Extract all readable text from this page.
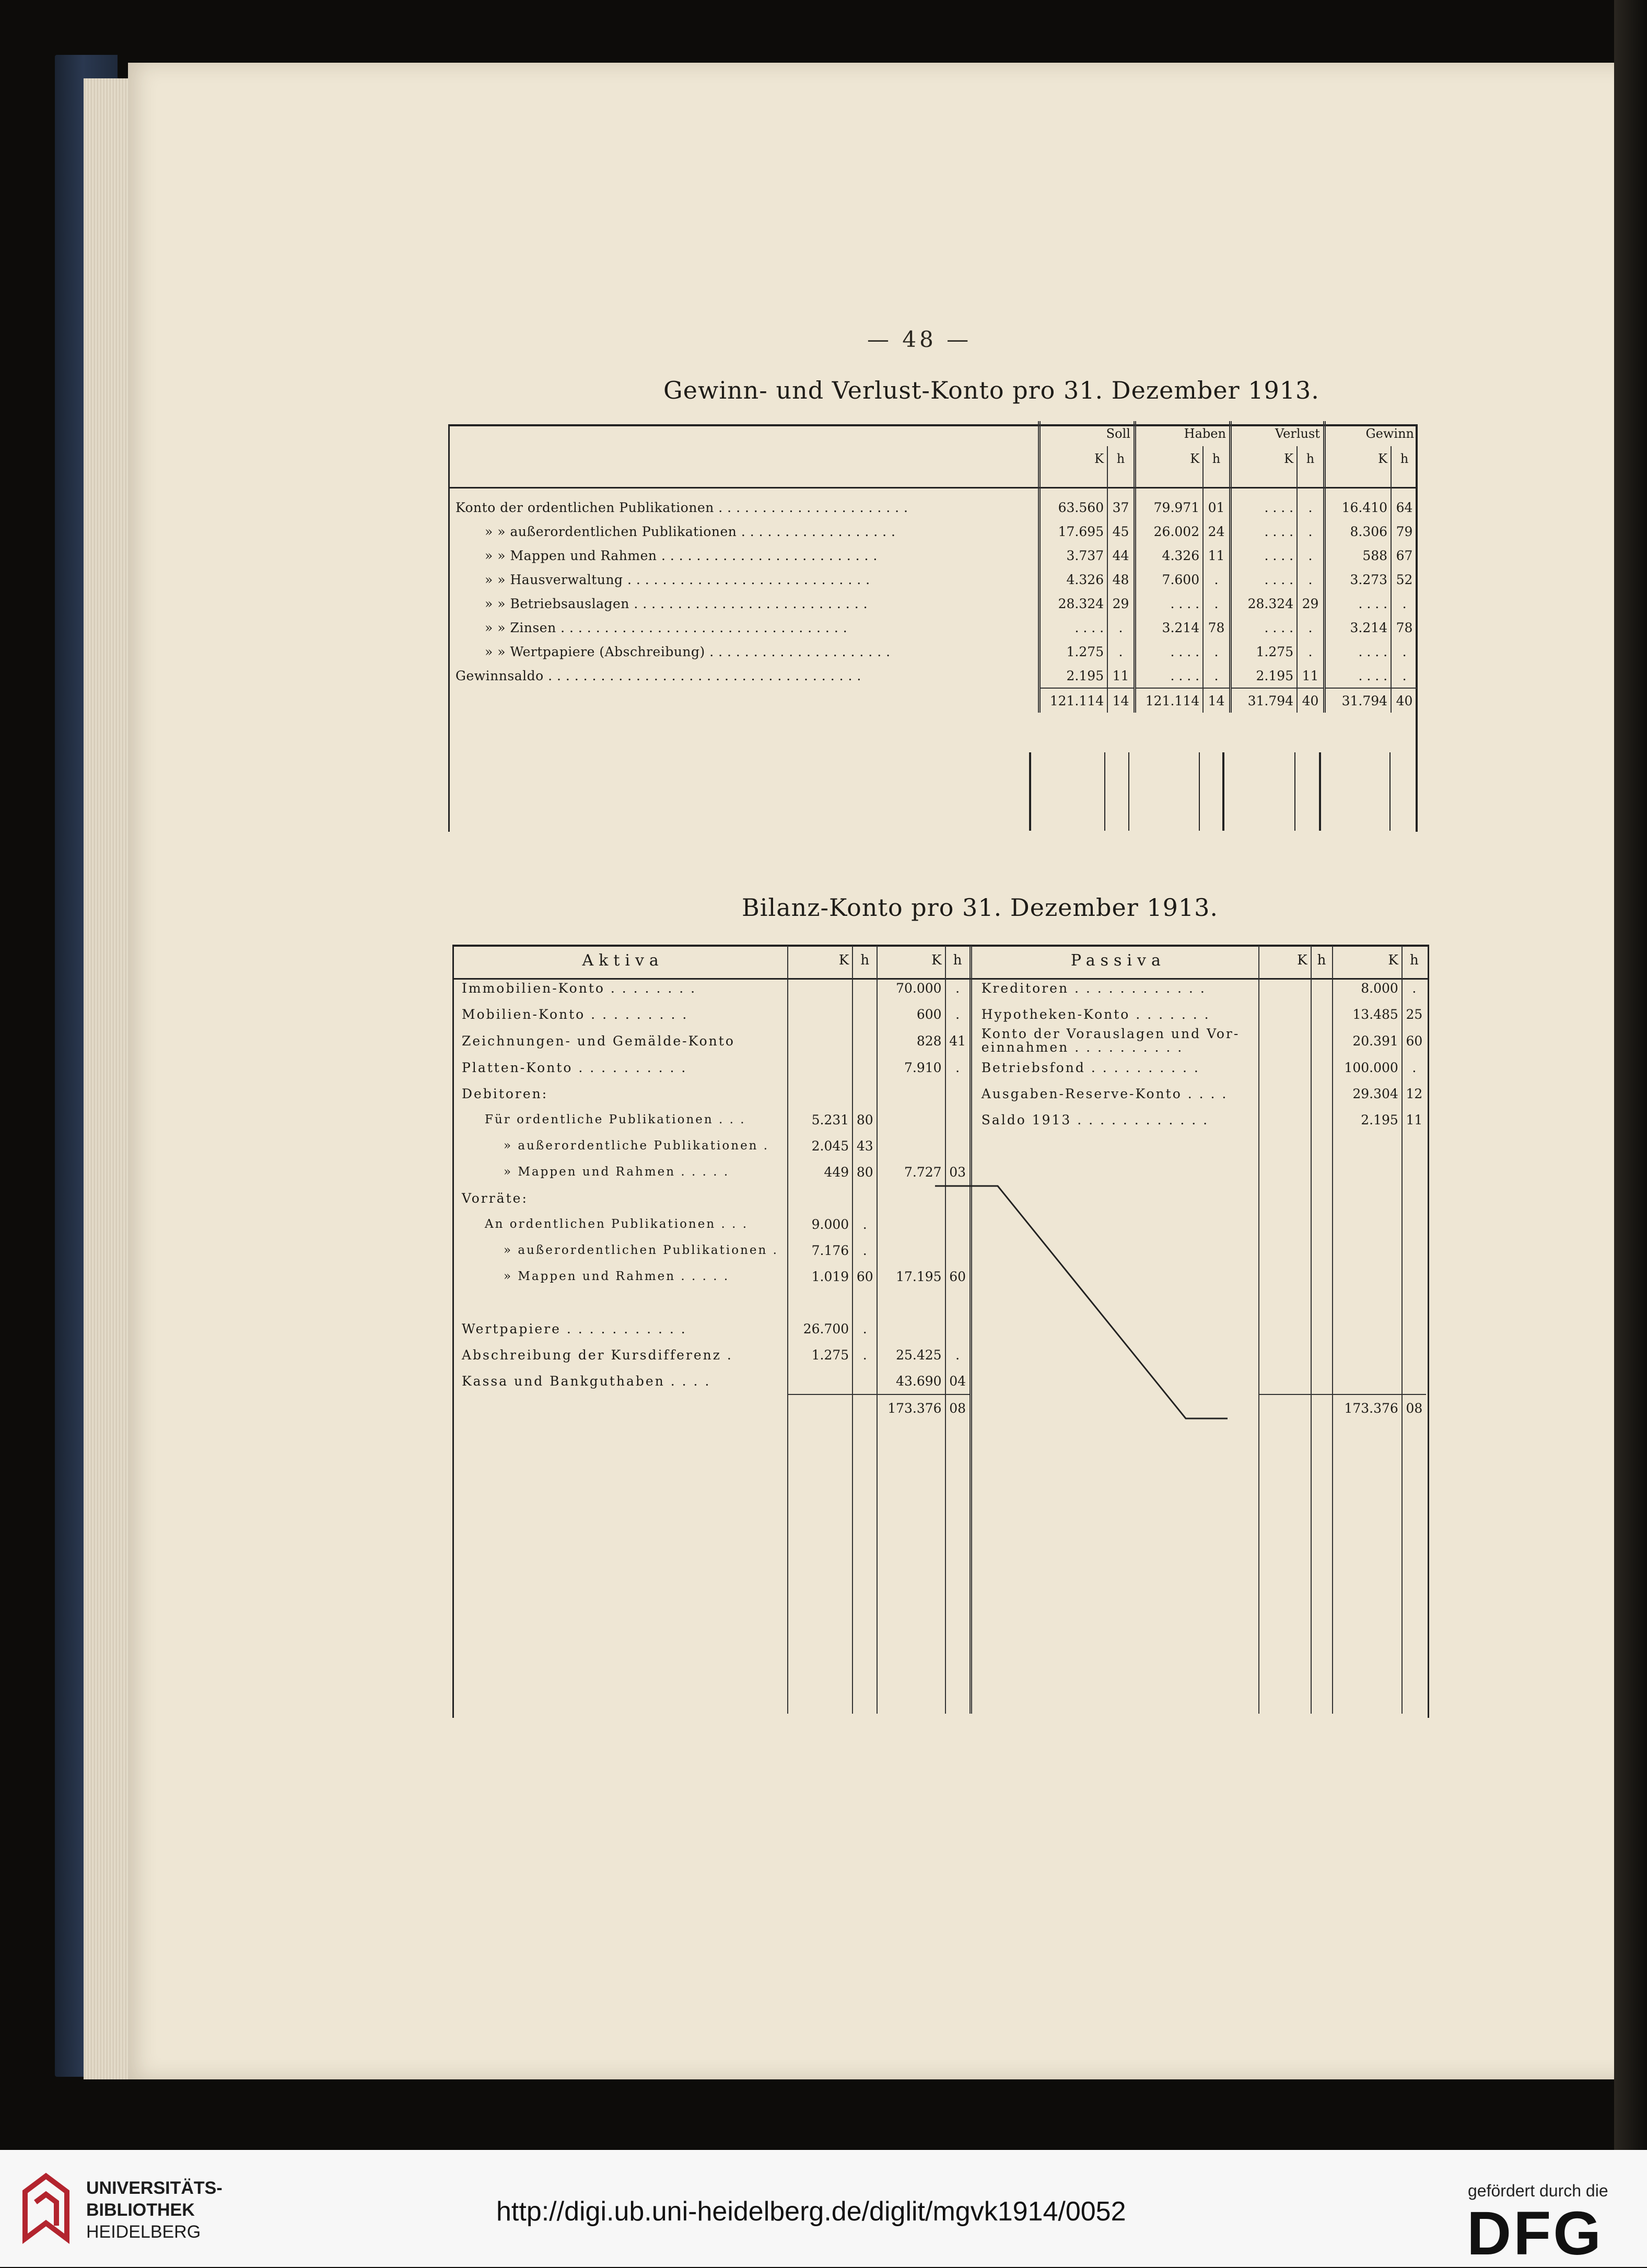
— 48 —
Gewinn- und Verlust-Konto pro 31. Dezember 1913.
	Soll		Haben		Verlust		Gewinn	
	K	h	K	h	K	h	K	h

Konto der ordentlichen Publikationen . . . . . . . . . . . . . . . . . . . . . .	63.560	37	79.971	01	. . . .	.	16.410	64
» » außerordentlichen Publikationen . . . . . . . . . . . . . . . . . .	17.695	45	26.002	24	. . . .	.	8.306	79
» » Mappen und Rahmen . . . . . . . . . . . . . . . . . . . . . . . . .	3.737	44	4.326	11	. . . .	.	588	67
» » Hausverwaltung . . . . . . . . . . . . . . . . . . . . . . . . . . . .	4.326	48	7.600	.	. . . .	.	3.273	52
» » Betriebsauslagen . . . . . . . . . . . . . . . . . . . . . . . . . . .	28.324	29	. . . .	.	28.324	29	. . . .	.
» » Zinsen . . . . . . . . . . . . . . . . . . . . . . . . . . . . . . . . .	. . . .	.	3.214	78	. . . .	.	3.214	78
» » Wertpapiere (Abschreibung) . . . . . . . . . . . . . . . . . . . . .	1.275	.	. . . .	.	1.275	.	. . . .	.
Gewinnsaldo . . . . . . . . . . . . . . . . . . . . . . . . . . . . . . . . . . . .	2.195	11	. . . .	.	2.195	11	. . . .	.
	121.114	14	121.114	14	31.794	40	31.794	40
Bilanz-Konto pro 31. Dezember 1913.
Aktiva	K	h	K	h	Passiva	K	h	K	h
Immobilien-Konto . . . . . . . .			70.000	.	Kreditoren . . . . . . . . . . . .			8.000	.
Mobilien-Konto . . . . . . . . .			600	.	Hypotheken-Konto . . . . . . .			13.485	25
Zeichnungen- und Gemälde-Konto			828	41	Konto der Vorauslagen und Vor-einnahmen . . . . . . . . . .			20.391	60
Platten-Konto . . . . . . . . . .			7.910	.	Betriebsfond . . . . . . . . . .			100.000	.
Debitoren:					Ausgaben-Reserve-Konto . . . .			29.304	12
Für ordentliche Publikationen . . .	5.231	80			Saldo 1913 . . . . . . . . . . . .			2.195	11
» außerordentliche Publikationen .	2.045	43							
» Mappen und Rahmen . . . . .	449	80	7.727	03					
Vorräte:									
An ordentlichen Publikationen . . .	9.000	.							
» außerordentlichen Publikationen .	7.176	.							
» Mappen und Rahmen . . . . .	1.019	60	17.195	60					

Wertpapiere . . . . . . . . . . .	26.700	.							
Abschreibung der Kursdifferenz .	1.275	.	25.425	.					
Kassa und Bankguthaben . . . .			43.690	04					
			173.376	08				173.376	08

UNIVERSITÄTS-
BIBLIOTHEK
HEIDELBERG
http://digi.ub.uni-heidelberg.de/diglit/mgvk1914/0052
gefördert durch die
DFG
